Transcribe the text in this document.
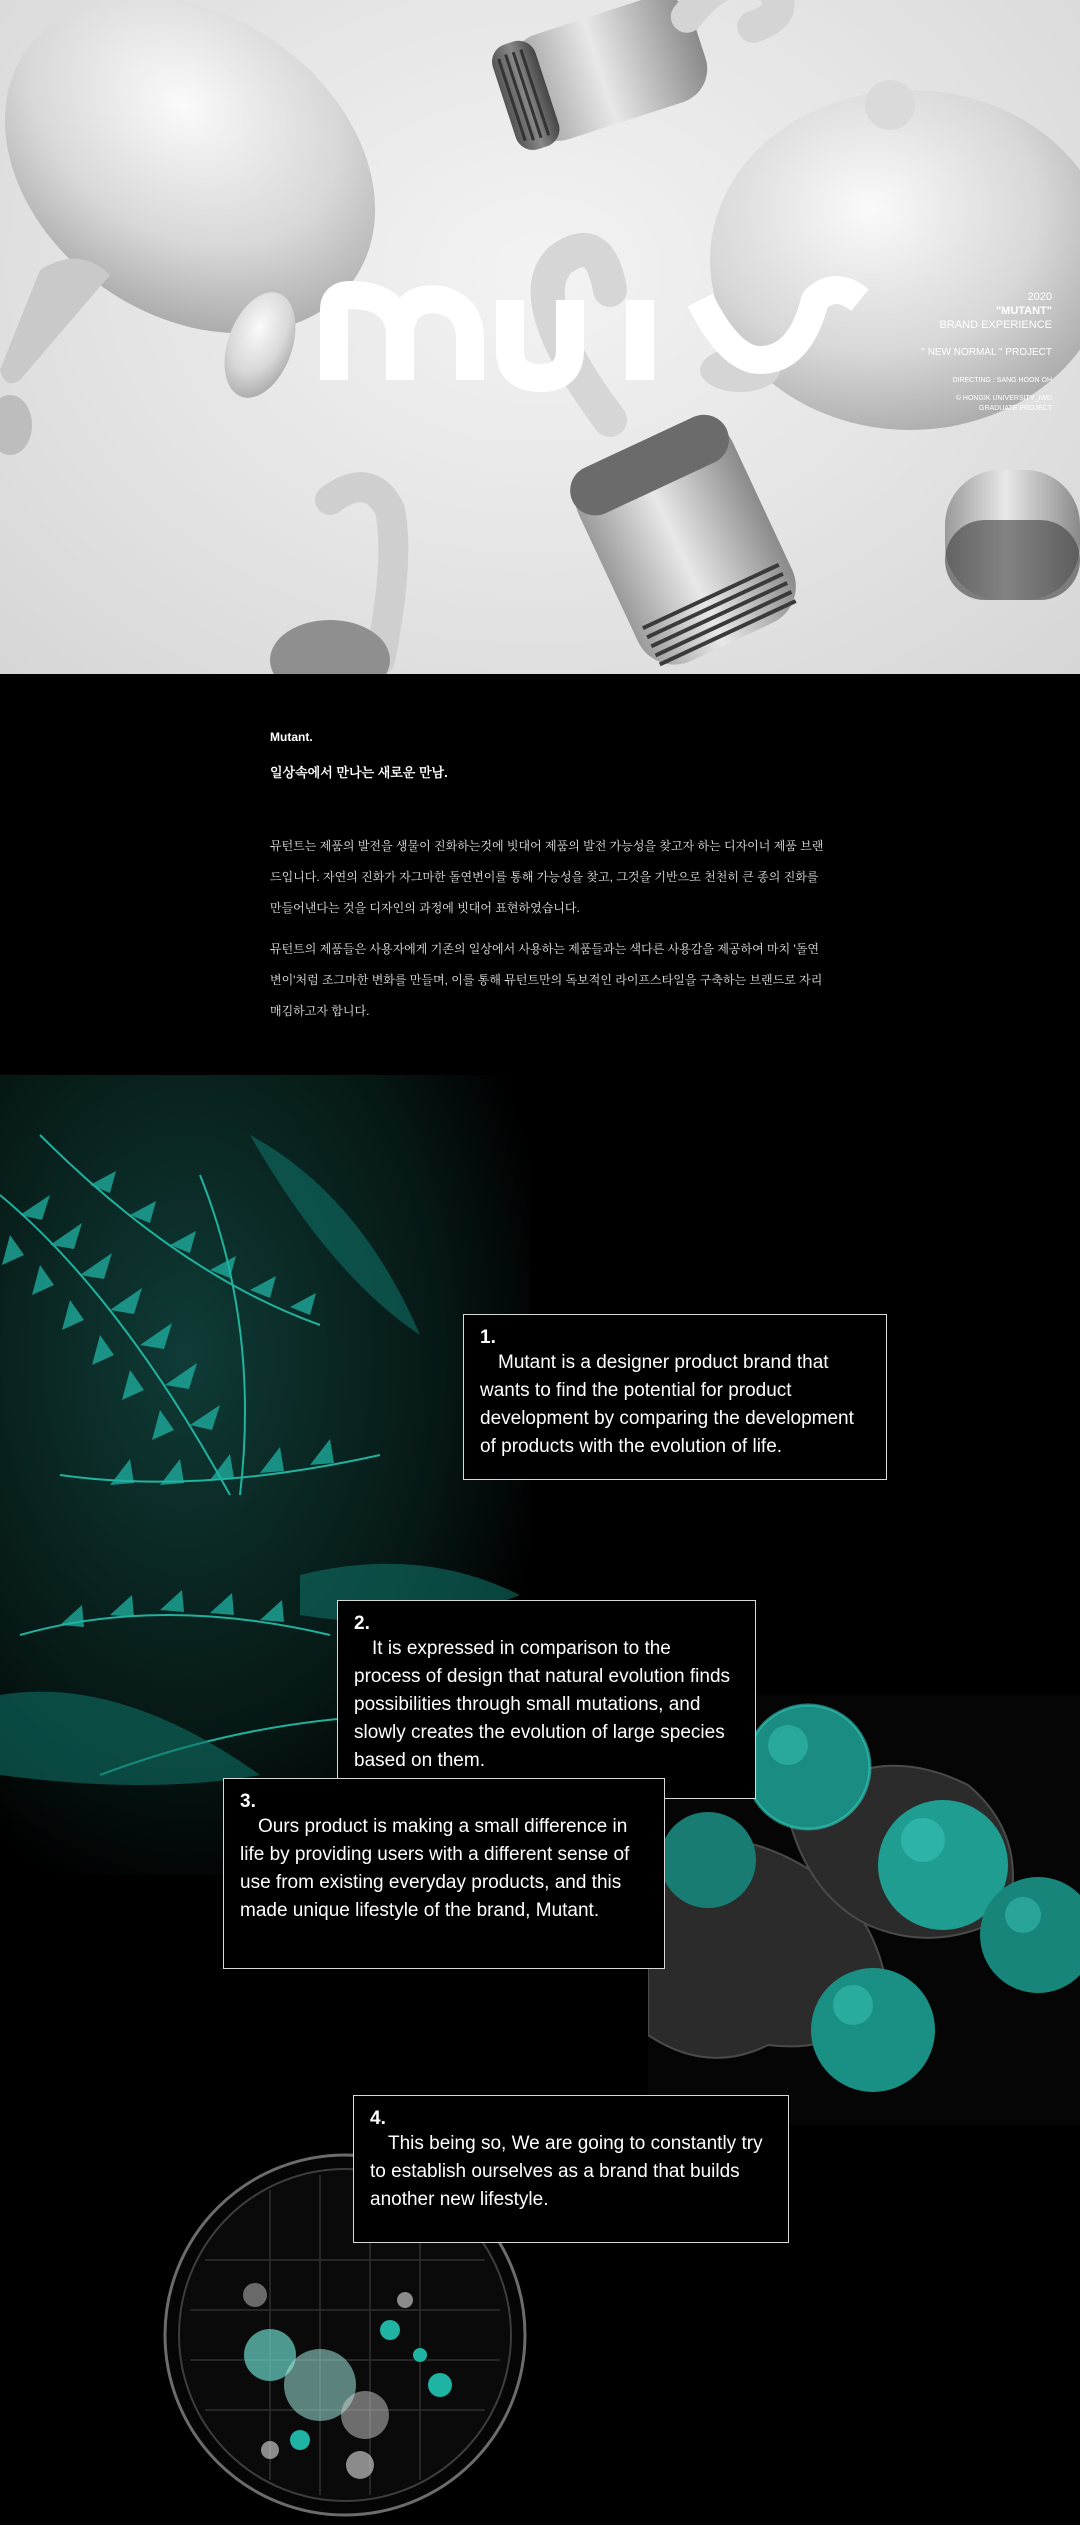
2020
"MUTANT"
BRAND EXPERIENCE
" NEW NORMAL " PROJECT
DIRECTING : SANG HOON OH
© HONGIK UNIVERSITY_IWD
GRADUATE PROJECT
Mutant.
일상속에서 만나는 새로운 만남.

뮤턴트는 제품의 발전을 생물이 진화하는것에 빗대어 제품의 발전 가능성을 찾고자 하는 디자이너 제품 브랜드입니다. 자연의 진화가 자그마한 돌연변이를 통해 가능성을 찾고, 그것을 기반으로 천천히 큰 종의 진화를 만들어낸다는 것을 디자인의 과정에 빗대어 표현하였습니다.

뮤턴트의 제품들은 사용자에게 기존의 일상에서 사용하는 제품들과는 색다른 사용감을 제공하여 마치 '돌연변이'처럼 조그마한 변화를 만들며, 이를 통해 뮤턴트만의 독보적인 라이프스타일을 구축하는 브랜드로 자리매김하고자 합니다.

1.
Mutant is a designer product brand that wants to find the potential for product development by comparing the development of products with the evolution of life.
2.
It is expressed in comparison to the process of design that natural evolution finds possibilities through small mutations, and slowly creates the evolution of large species based on them.
3.
Ours product is making a small difference in life by providing users with a different sense of use from existing everyday products, and this made unique lifestyle of the brand, Mutant.
4.
This being so, We are going to constantly try to establish ourselves as a brand that builds another new lifestyle.
